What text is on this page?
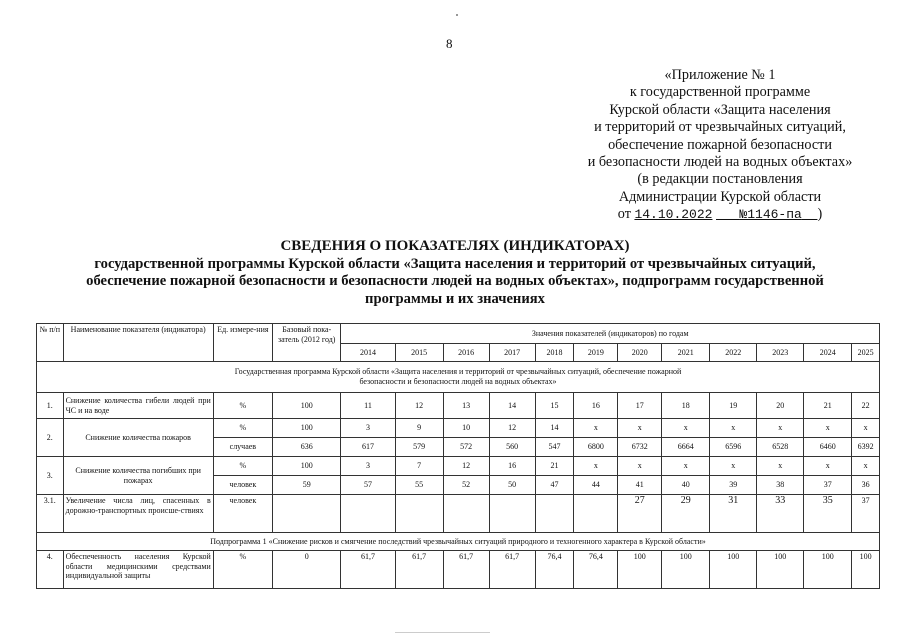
8
«Приложение № 1
к государственной программе
Курской области «Защита населения
и территорий от чрезвычайных ситуаций,
обеспечение пожарной безопасности
и безопасности людей на водных объектах»
(в редакции постановления
Администрации Курской области
от 14.10.2022 №1146-па )
СВЕДЕНИЯ О ПОКАЗАТЕЛЯХ (ИНДИКАТОРАХ)
государственной программы Курской области «Защита населения и территорий от чрезвычайных ситуаций,
обеспечение пожарной безопасности и безопасности людей на водных объектах», подпрограмм государственной
программы и их значениях
№ п/п	Наименование показателя (индикатора)	Ед. измере-ния	Базовый пока-затель (2012 год)	Значения показателей (индикаторов) по годам											
				2014	2015	2016	2017	2018	2019	2020	2021	2022	2023	2024	2025
Государственная программа Курской области «Защита населения и территорий от чрезвычайных ситуаций, обеспечение пожарной безопасности и безопасности людей на водных объектах»															
1.	Снижение количества гибели людей при ЧС и на воде	%	100	11	12	13	14	15	16	17	18	19	20	21	22
2.	Снижение количества пожаров	%	100	3	9	10	12	14	x	x	x	x	x	x	x
		случаев	636	617	579	572	560	547	6800	6732	6664	6596	6528	6460	6392
3.	Снижение количества погибших при пожарах	%	100	3	7	12	16	21	x	x	x	x	x	x	x
		человек	59	57	55	52	50	47	44	41	40	39	38	37	36
3.1.	Увеличение числа лиц, спасенных в дорожно-транспортных происше-ствиях	человек								27	29	31	33	35	37
Подпрограмма 1 «Снижение рисков и смягчение последствий чрезвычайных ситуаций природного и техногенного характера в Курской области»															
4.	Обеспеченность населения Курской области медицинскими средствами индивидуальной защиты	%	0	61,7	61,7	61,7	61,7	76,4	76,4	100	100	100	100	100	100
